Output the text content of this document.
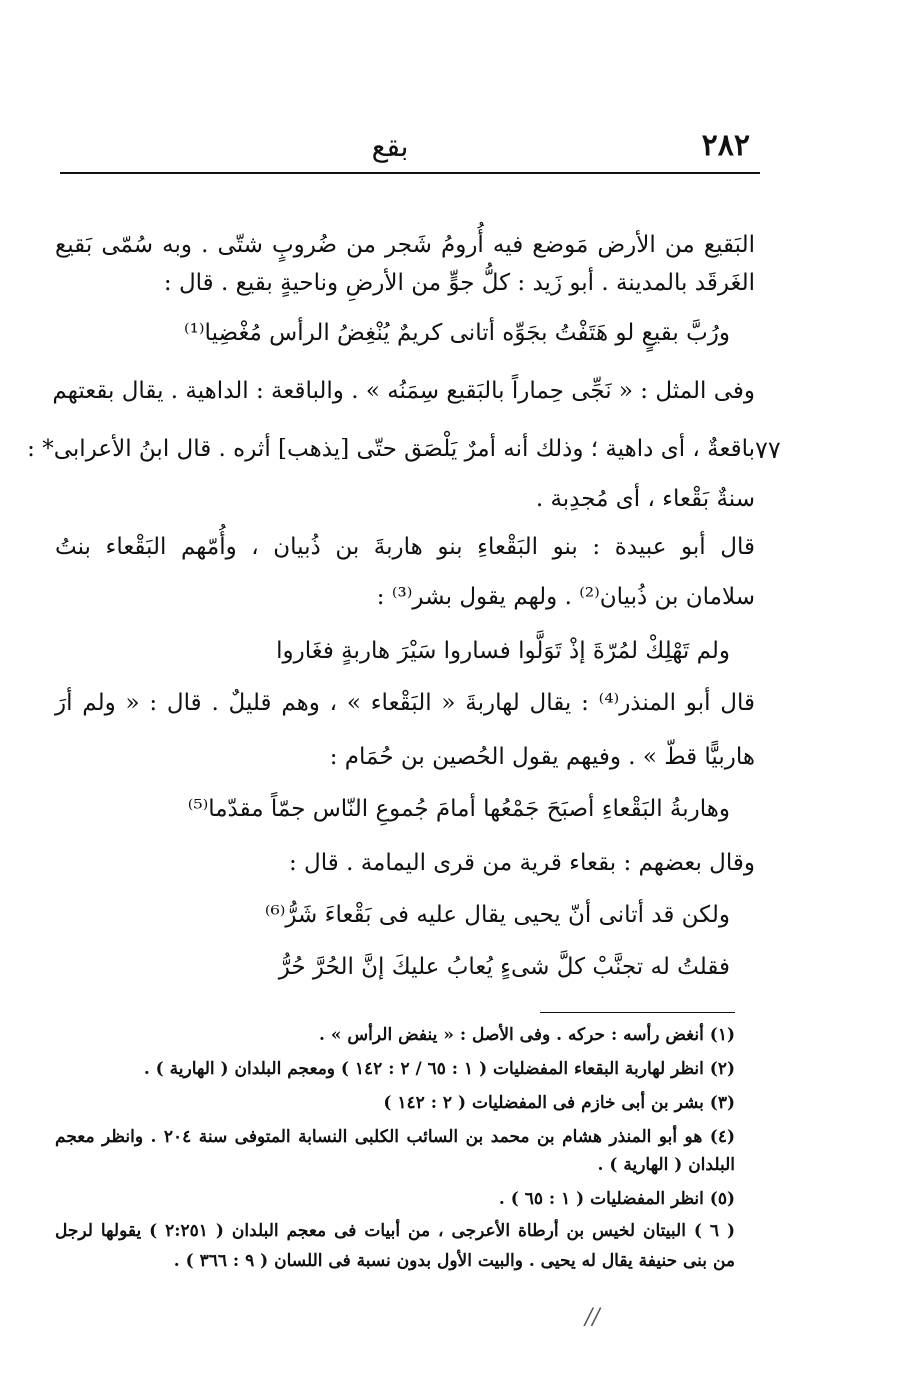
٢٨٢
بقع
البَقيع من الأرض مَوضع فيه أُرومُ شَجر من ضُروبٍ شتّى . وبه سُمّى بَقيع
الغَرقَد بالمدينة . أبو زَيد : كلُّ جوٍّ من الأرضِ وناحيةٍ بقيع . قال :
ورُبَّ بقيعٍ لو هَتَفْتُ بجَوِّه أتانى كريمٌ يُنْغِضُ الرأس مُغْضِيا⁽¹⁾
وفى المثل : « نَجِّى حِماراً بالبَقيع سِمَنُه » . والباقعة : الداهية . يقال بقعتهم
٧٧
باقعةٌ ، أى داهية ؛ وذلك أنه أمرٌ يَلْصَق حتّى [يذهب] أثره . قال ابنُ الأعرابى* :
سنةٌ بَقْعاء ، أى مُجدِبة .
قال أبو عبيدة : بنو البَقْعاءِ بنو هاربةَ بن ذُبيان ، وأُمّهم البَقْعاء بنتُ
سلامان بن ذُبيان⁽²⁾ . ولهم يقول بشر⁽³⁾ :
ولم تَهْلِكْ لمُرّةَ إذْ تَوَلَّوا فساروا سَيْرَ هاربةٍ فغَاروا
قال أبو المنذر⁽⁴⁾ : يقال لهاربةَ « البَقْعاء » ، وهم قليلٌ . قال : « ولم أرَ
هاربيًّا قطّ » . وفيهم يقول الحُصين بن حُمَام :
وهاربةُ البَقْعاءِ أصبَحَ جَمْعُها أمامَ جُموعِ النّاس جمّاً مقدّما⁽⁵⁾
وقال بعضهم : بقعاء قرية من قرى اليمامة . قال :
ولكن قد أتانى أنّ يحيى يقال عليه فى بَقْعاءَ شَرُّ⁽⁶⁾
فقلتُ له تجنَّبْ كلَّ شىءٍ يُعابُ عليكَ إنَّ الحُرَّ حُرُّ
(١) أنغض رأسه : حركه . وفى الأصل : « ينفض الرأس » .
(٢) انظر لهاربة البقعاء المفضليات ( ١ : ٦٥ / ٢ : ١٤٢ ) ومعجم البلدان ( الهارية ) .
(٣) بشر بن أبى خازم فى المفضليات ( ٢ : ١٤٢ )
(٤) هو أبو المنذر هشام بن محمد بن السائب الكلبى النسابة المتوفى سنة ٢٠٤ . وانظر معجم
البلدان ( الهارية ) .
(٥) انظر المفضليات ( ١ : ٦٥ ) .
( ٦ ) البيتان لخيس بن أرطاة الأعرجى ، من أبيات فى معجم البلدان ( ٢:٢٥١ ) يقولها لرجل
من بنى حنيفة يقال له يحيى . والبيت الأول بدون نسبة فى اللسان ( ٩ : ٣٦٦ ) .
//
